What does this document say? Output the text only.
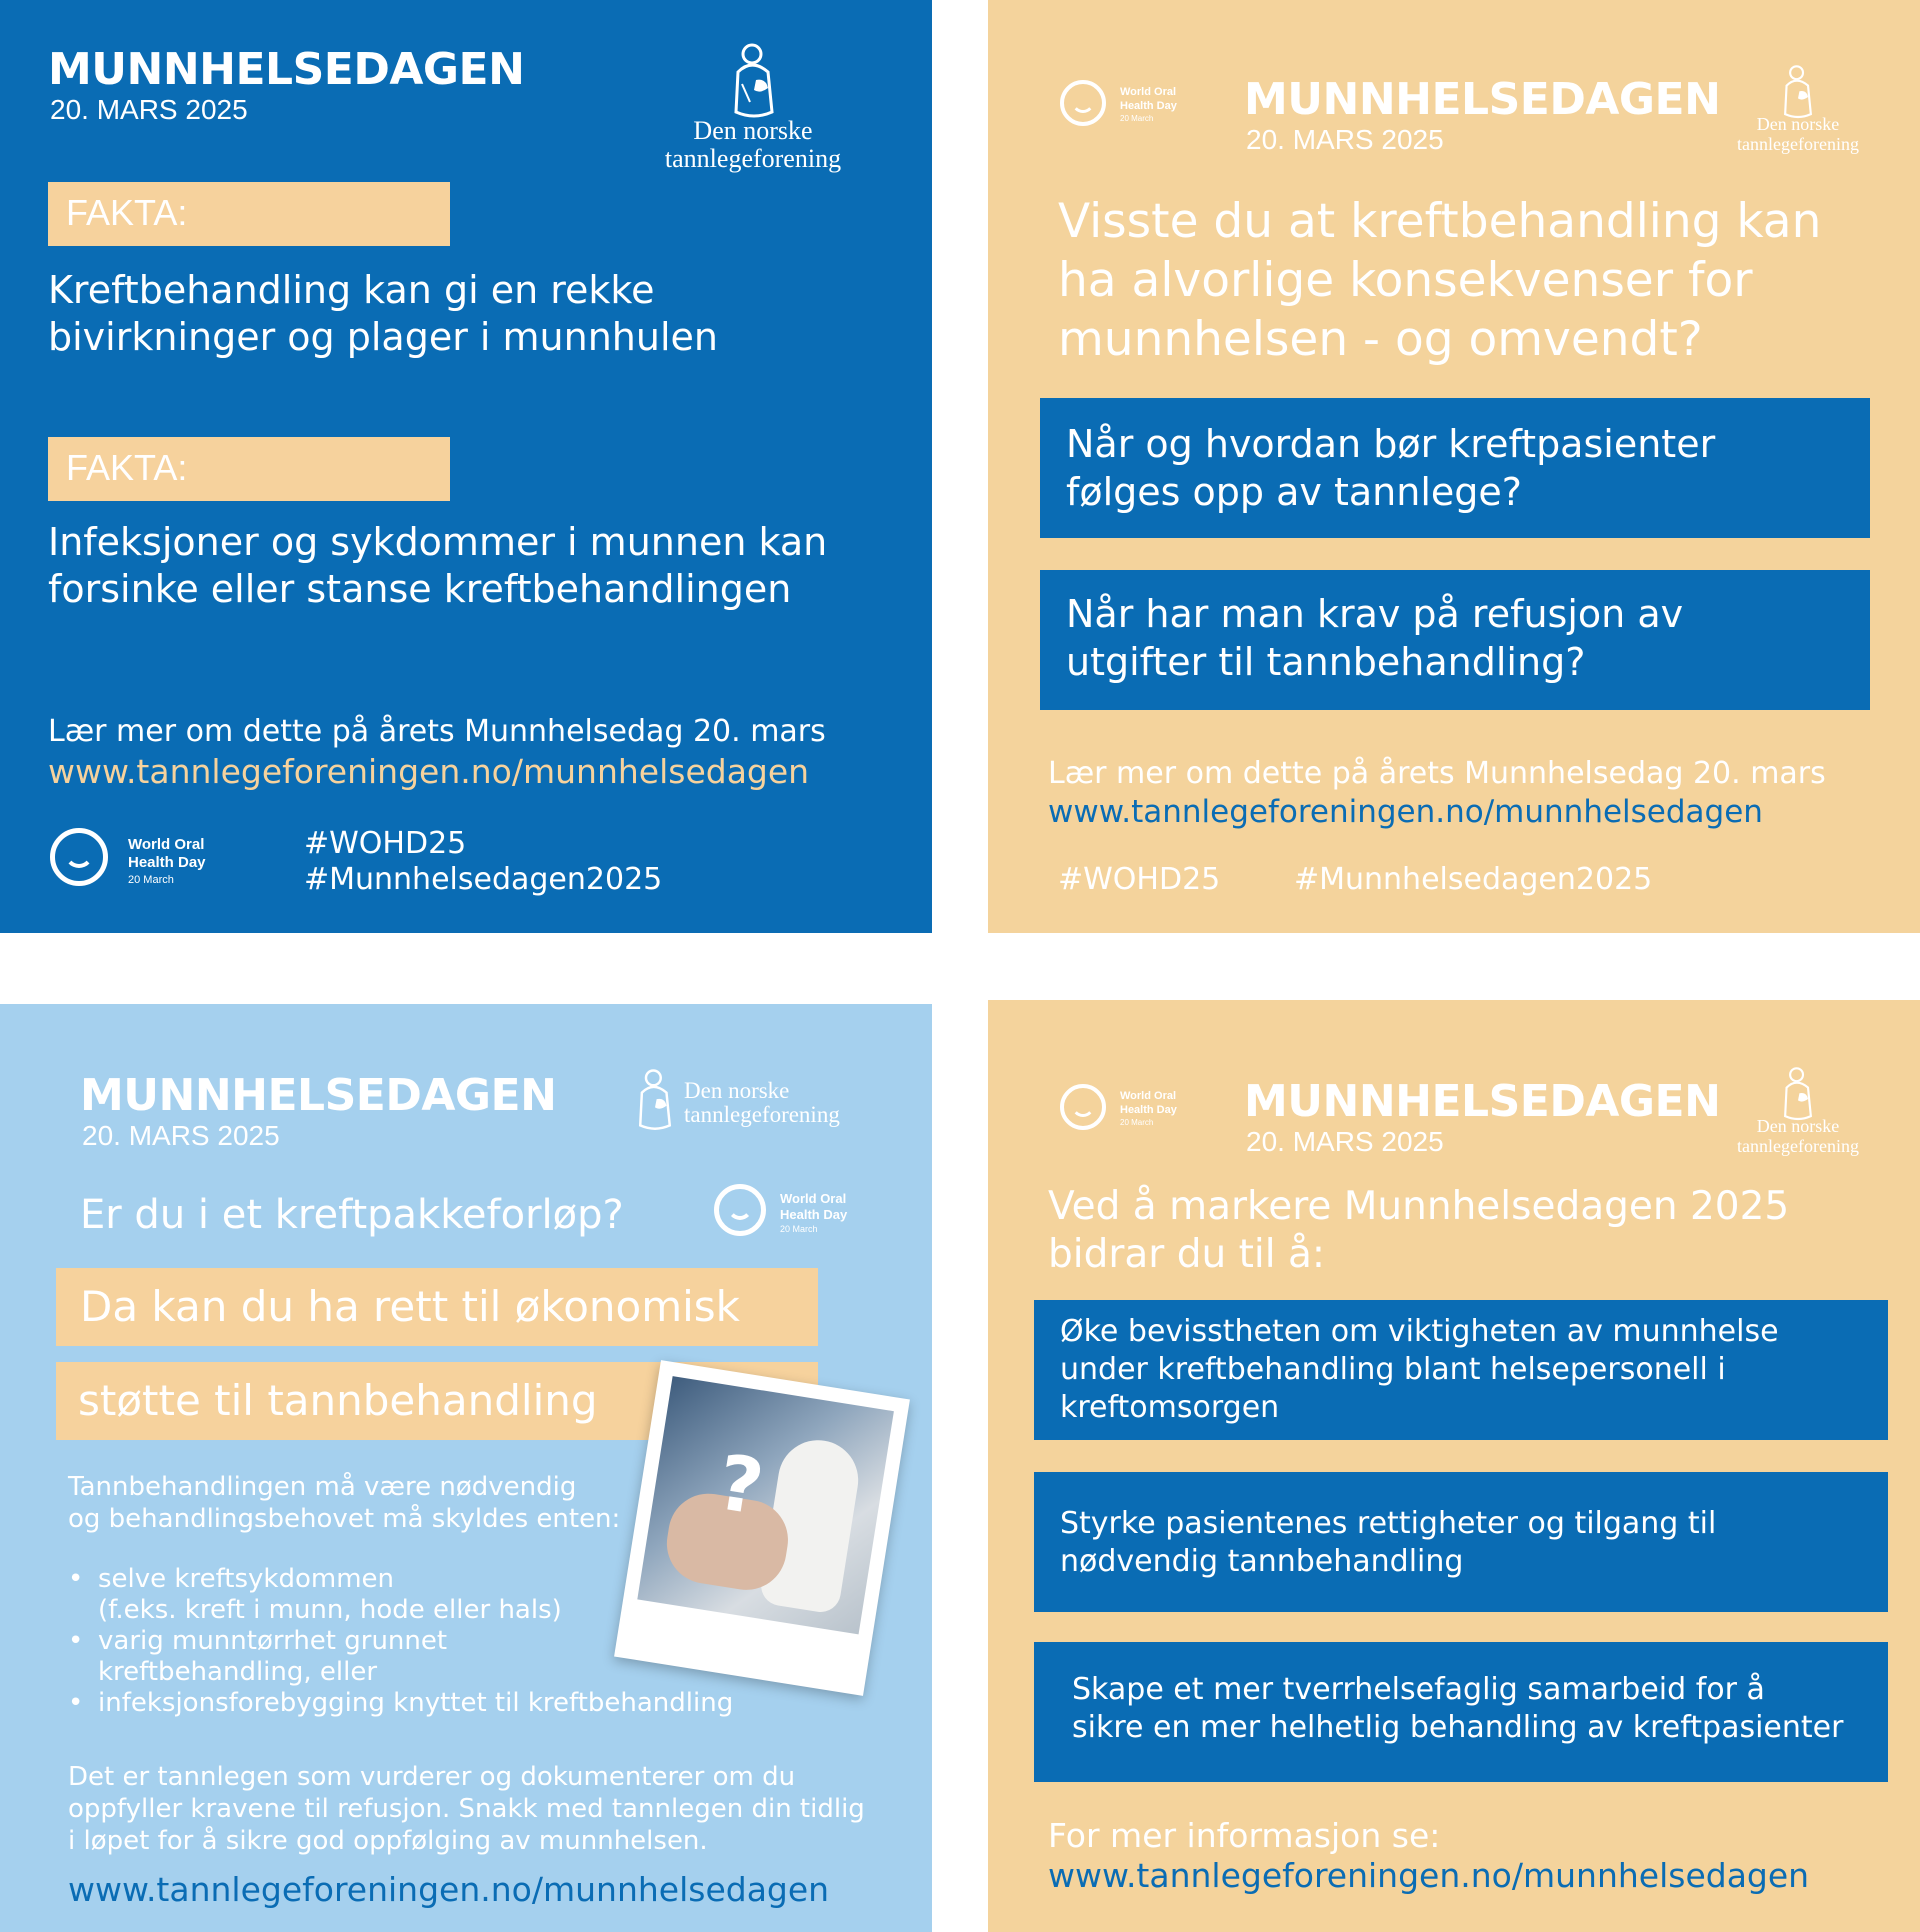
MUNNHELSEDAGEN
20. MARS 2025
Den norske
tannlegeforening
FAKTA:
Kreftbehandling kan gi en rekke
bivirkninger og plager i munnhulen
FAKTA:
Infeksjoner og sykdommer i munnen kan
forsinke eller stanse kreftbehandlingen
Lær mer om dette på årets Munnhelsedag 20. mars
www.tannlegeforeningen.no/munnhelsedagen
World Oral
Health Day
20 March
#WOHD25
#Munnhelsedagen2025
World Oral
Health Day
20 March MUNNHELSEDAGEN
20. MARS 2025	Den norske
tannlegeforening
Visste du at kreftbehandling kan
ha alvorlige konsekvenser for
munnhelsen - og omvendt?
Når og hvordan bør kreftpasienter
følges opp av tannlege?
Når har man krav på refusjon av
utgifter til tannbehandling?
Lær mer om dette på årets Munnhelsedag 20. mars
www.tannlegeforeningen.no/munnhelsedagen
#WOHD25 #Munnhelsedagen2025
MUNNHELSEDAGEN
20. MARS 2025
Den norske
tannlegeforening
Er du i et kreftpakkeforløp?	World Oral
Health Day
20 March
Da kan du ha rett til økonomisk
støtte til tannbehandling
?
Tannbehandlingen må være nødvendig
og behandlingsbehovet må skyldes enten:
• selve kreftsykdommen
(f.eks. kreft i munn, hode eller hals)
• varig munntørrhet grunnet
kreftbehandling, eller
• infeksjonsforebygging knyttet til kreftbehandling
Det er tannlegen som vurderer og dokumenterer om du
oppfyller kravene til refusjon. Snakk med tannlegen din tidlig
i løpet for å sikre god oppfølging av munnhelsen.
www.tannlegeforeningen.no/munnhelsedagen
World Oral
Health Day
20 March MUNNHELSEDAGEN
20. MARS 2025	Den norske
tannlegeforening
Ved å markere Munnhelsedagen 2025
bidrar du til å:
Øke bevisstheten om viktigheten av munnhelse
under kreftbehandling blant helsepersonell i
kreftomsorgen
Styrke pasientenes rettigheter og tilgang til
nødvendig tannbehandling
Skape et mer tverrhelsefaglig samarbeid for å
sikre en mer helhetlig behandling av kreftpasienter
For mer informasjon se:
www.tannlegeforeningen.no/munnhelsedagen
